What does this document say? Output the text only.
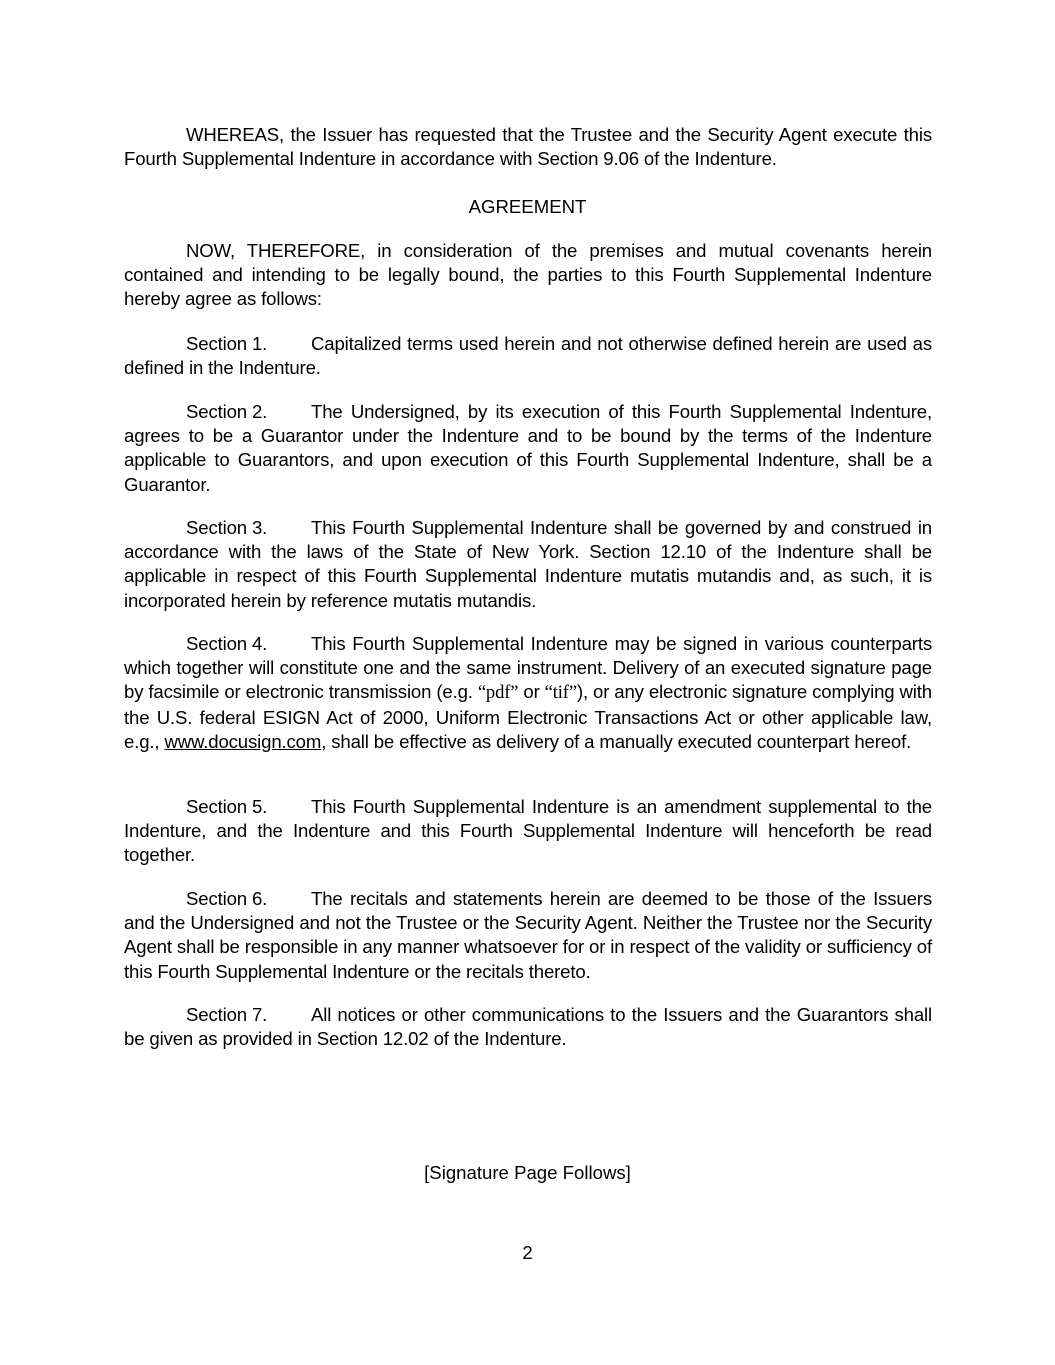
WHEREAS, the Issuer has requested that the Trustee and the Security Agent execute this Fourth Supplemental Indenture in accordance with Section 9.06 of the Indenture.

AGREEMENT

NOW, THEREFORE, in consideration of the premises and mutual covenants herein contained and intending to be legally bound, the parties to this Fourth Supplemental Indenture hereby agree as follows:

Section 1. Capitalized terms used herein and not otherwise defined herein are used as defined in the Indenture.

Section 2. The Undersigned, by its execution of this Fourth Supplemental Indenture, agrees to be a Guarantor under the Indenture and to be bound by the terms of the Indenture applicable to Guarantors, and upon execution of this Fourth Supplemental Indenture, shall be a Guarantor.

Section 3. This Fourth Supplemental Indenture shall be governed by and construed in accordance with the laws of the State of New York. Section 12.10 of the Indenture shall be applicable in respect of this Fourth Supplemental Indenture mutatis mutandis and, as such, it is incorporated herein by reference mutatis mutandis.

Section 4. This Fourth Supplemental Indenture may be signed in various counterparts which together will constitute one and the same instrument. Delivery of an executed signature page by facsimile or electronic transmission (e.g. “pdf” or “tif”), or any electronic signature complying with the U.S. federal ESIGN Act of 2000, Uniform Electronic Transactions Act or other applicable law, e.g., www.docusign.com, shall be effective as delivery of a manually executed counterpart hereof.

Section 5. This Fourth Supplemental Indenture is an amendment supplemental to the Indenture, and the Indenture and this Fourth Supplemental Indenture will henceforth be read together.

Section 6. The recitals and statements herein are deemed to be those of the Issuers and the Undersigned and not the Trustee or the Security Agent. Neither the Trustee nor the Security Agent shall be responsible in any manner whatsoever for or in respect of the validity or sufficiency of this Fourth Supplemental Indenture or the recitals thereto.

Section 7. All notices or other communications to the Issuers and the Guarantors shall be given as provided in Section 12.02 of the Indenture.

[Signature Page Follows]

2
